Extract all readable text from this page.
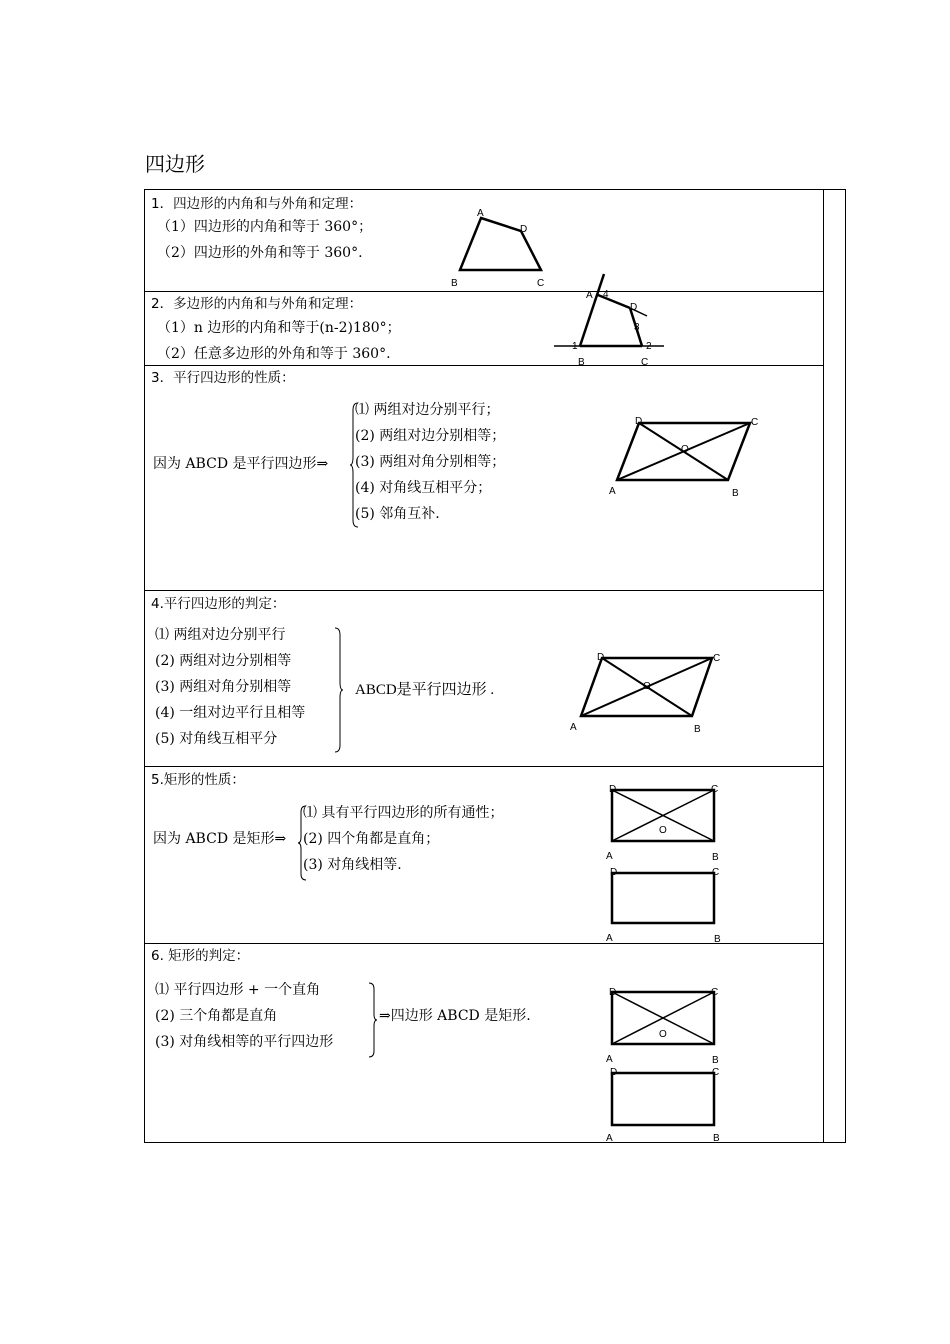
四边形
1．四边形的内角和与外角和定理：
（1）四边形的内角和等于 360°；
（2）四边形的外角和等于 360°.
A
D
B	C
2．多边形的内角和与外角和定理：
（1）n 边形的内角和等于(n-2)180°；
（2）任意多边形的外角和等于 360°.
3．平行四边形的性质：
因为 ABCD 是平行四边形⇒
⑴ 两组对边分别平行；
(2) 两组对边分别相等；
(3) 两组对角分别相等；
(4) 对角线互相平分；
(5) 邻角互补.
D	C
O
A	B
4.平行四边形的判定：
⑴ 两组对边分别平行
(2) 两组对边分别相等
(3) 两组对角分别相等
(4) 一组对边平行且相等
(5) 对角线互相平分
ABCD是平行四边形 .
5.矩形的性质：
因为 ABCD 是矩形⇒
⑴ 具有平行四边形的所有通性；
(2) 四个角都是直角；
(3) 对角线相等.
6. 矩形的判定：
⑴ 平行四边形 + 一个直角
(2) 三个角都是直角
(3) 对角线相等的平行四边形
⇒四边形 ABCD 是矩形.
A 4
D
3
1	2
B	C
D	C
O
A	B
D	C
O
A	B
D	C
A	B
D	C
O
A	B
D	C
A	B
